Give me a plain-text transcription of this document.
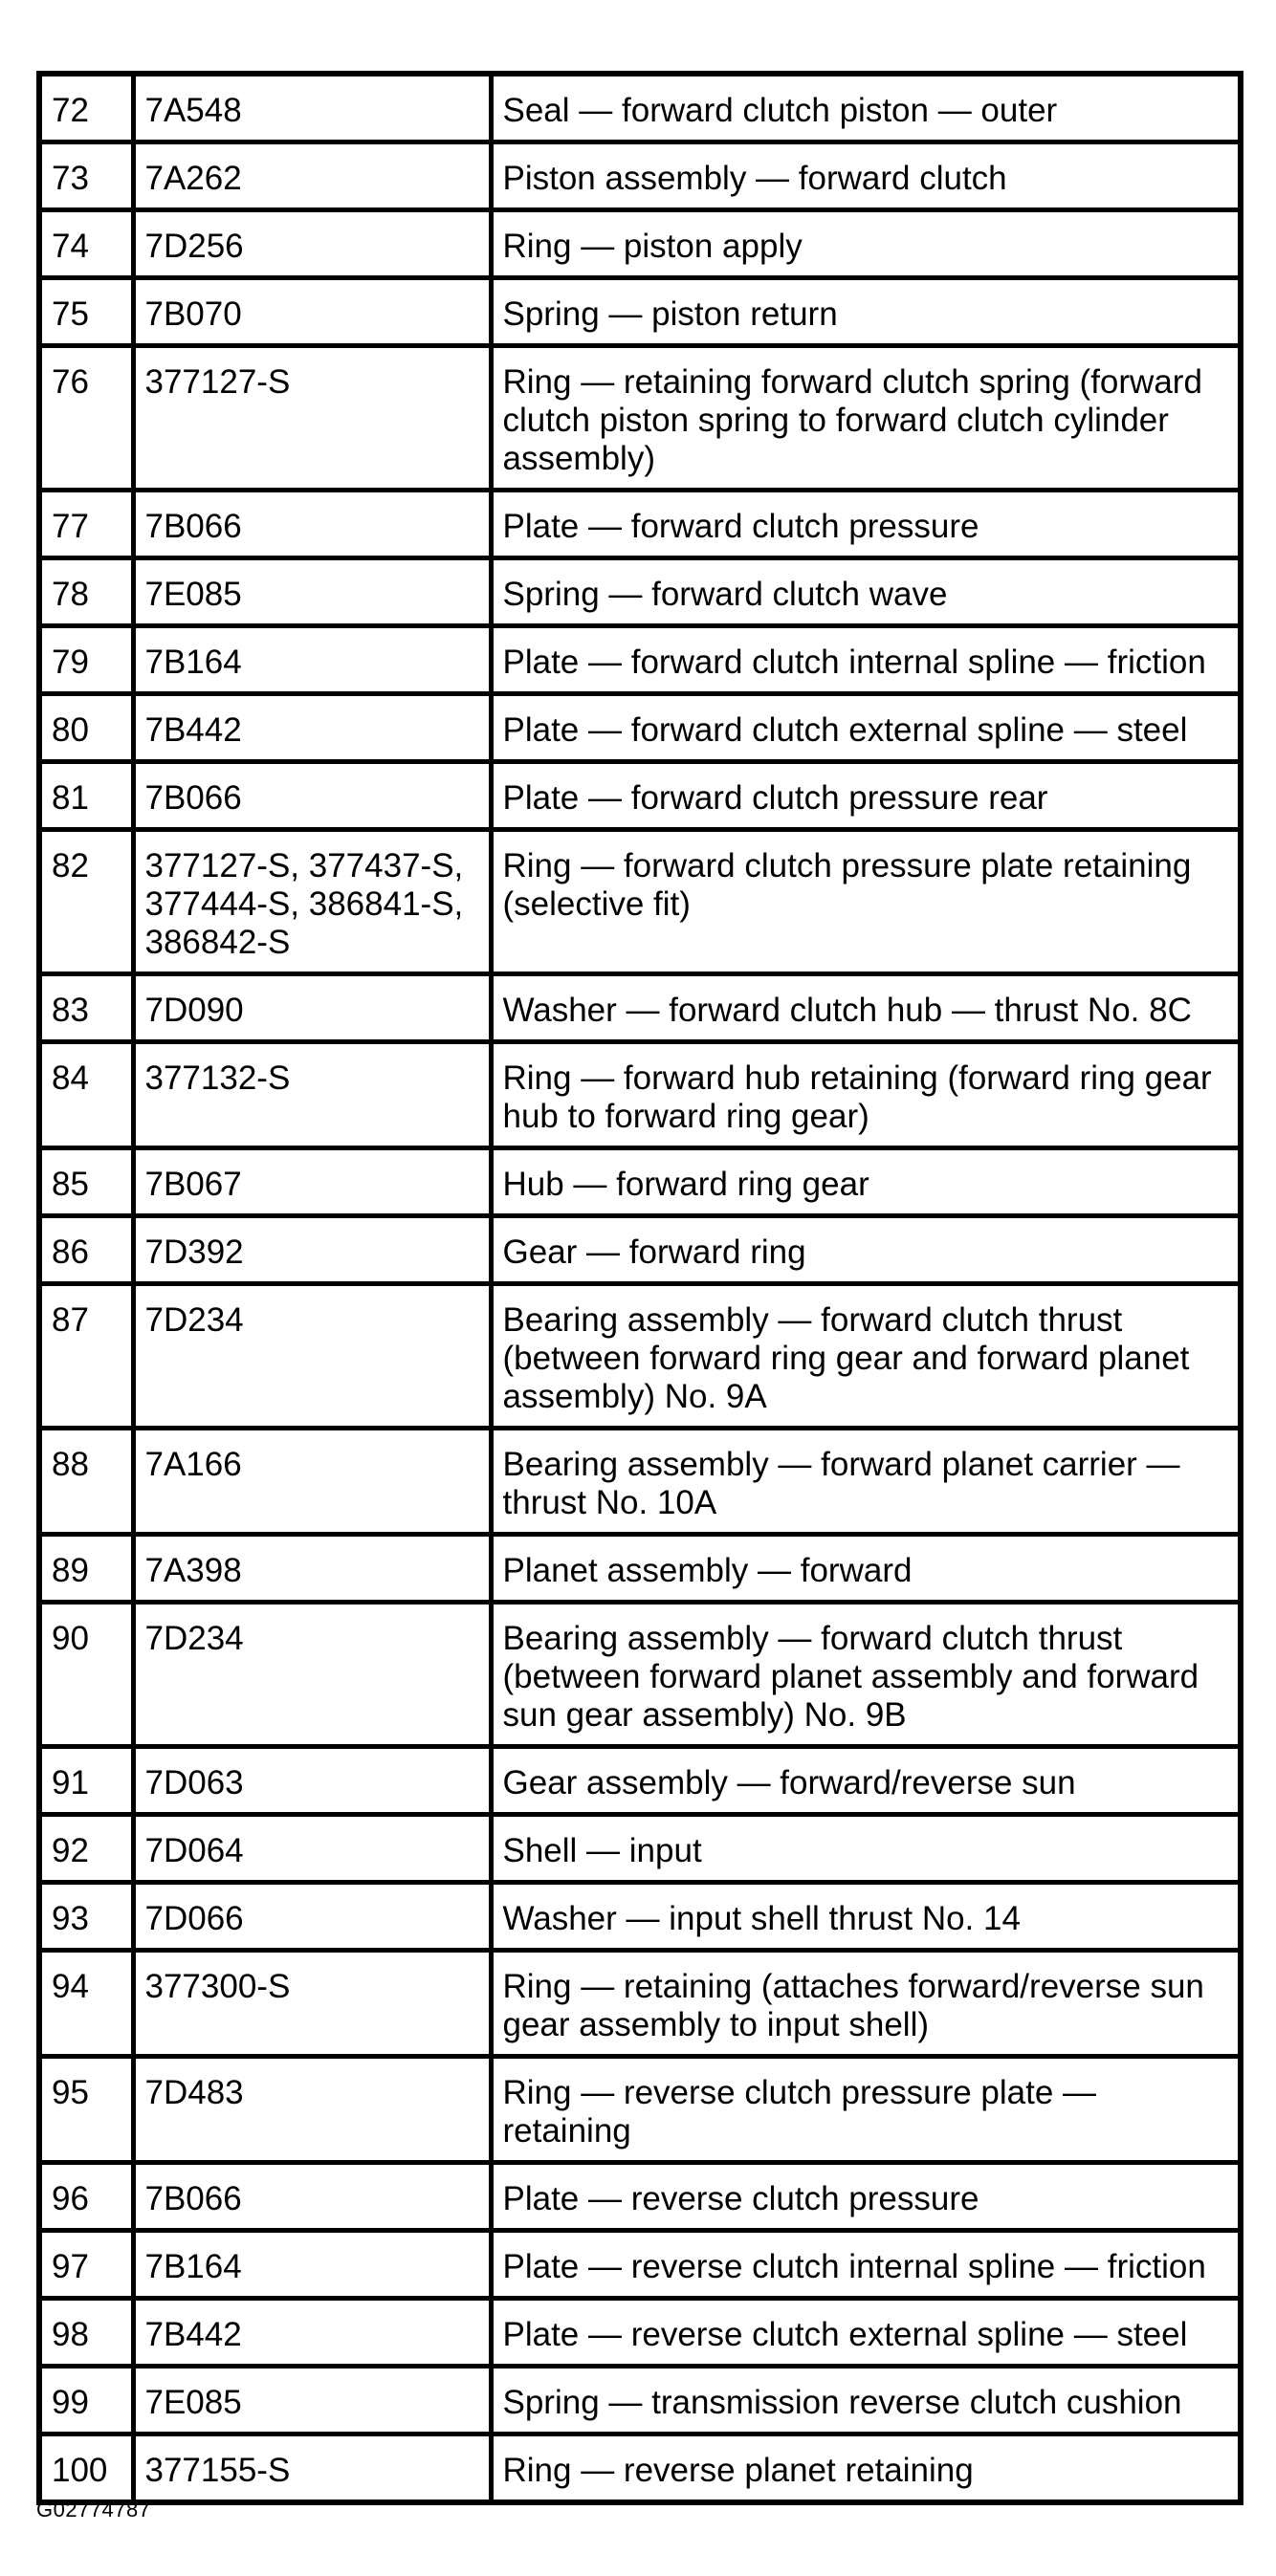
72	7A548	Seal — forward clutch piston — outer
73	7A262	Piston assembly — forward clutch
74	7D256	Ring — piston apply
75	7B070	Spring — piston return
76	377127-S	Ring — retaining forward clutch spring (forward clutch piston spring to forward clutch cylinder assembly)
77	7B066	Plate — forward clutch pressure
78	7E085	Spring — forward clutch wave
79	7B164	Plate — forward clutch internal spline — friction
80	7B442	Plate — forward clutch external spline — steel
81	7B066	Plate — forward clutch pressure rear
82	377127-S, 377437-S, 377444-S, 386841-S, 386842-S	Ring — forward clutch pressure plate retaining (selective fit)
83	7D090	Washer — forward clutch hub — thrust No. 8C
84	377132-S	Ring — forward hub retaining (forward ring gear hub to forward ring gear)
85	7B067	Hub — forward ring gear
86	7D392	Gear — forward ring
87	7D234	Bearing assembly — forward clutch thrust (between forward ring gear and forward planet assembly) No. 9A
88	7A166	Bearing assembly — forward planet carrier — thrust No. 10A
89	7A398	Planet assembly — forward
90	7D234	Bearing assembly — forward clutch thrust (between forward planet assembly and forward sun gear assembly) No. 9B
91	7D063	Gear assembly — forward/reverse sun
92	7D064	Shell — input
93	7D066	Washer — input shell thrust No. 14
94	377300-S	Ring — retaining (attaches forward/reverse sun gear assembly to input shell)
95	7D483	Ring — reverse clutch pressure plate — retaining
96	7B066	Plate — reverse clutch pressure
97	7B164	Plate — reverse clutch internal spline — friction
98	7B442	Plate — reverse clutch external spline — steel
99	7E085	Spring — transmission reverse clutch cushion
100	377155-S	Ring — reverse planet retaining
G02774787
